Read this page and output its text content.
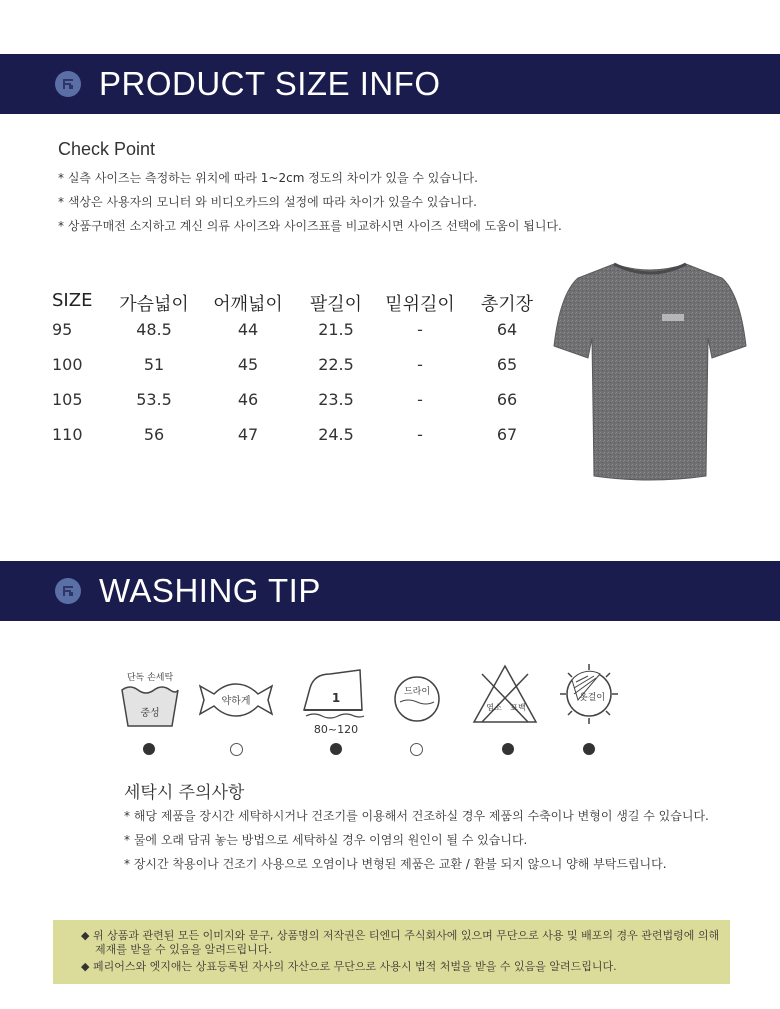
PRODUCT SIZE INFO
Check Point
* 실측 사이즈는 측정하는 위치에 따라 1~2cm 정도의 차이가 있을 수 있습니다.
* 색상은 사용자의 모니터 와 비디오카드의 설정에 따라 차이가 있을수 있습니다.
* 상품구매전 소지하고 계신 의류 사이즈와 사이즈표를 비교하시면 사이즈 선택에 도움이 됩니다.
SIZE 가슴넓이 어깨넓이	팔길이	밑위길이	총기장
95	48.5	44	21.5	-	64
100	51	45	22.5	-	65
105	53.5	46	23.5	-	66
110	56	47	24.5	-	67
WASHING TIP
단독 손세탁
중성
약하게	1
80~120
드라이
염소 표백
옷걸이
세탁시 주의사항
* 해당 제품을 장시간 세탁하시거나 건조기를 이용해서 건조하실 경우 제품의 수축이나 변형이 생길 수 있습니다.
* 물에 오래 담궈 놓는 방법으로 세탁하실 경우 이염의 원인이 될 수 있습니다.
* 장시간 착용이나 건조기 사용으로 오염이나 변형된 제품은 교환 / 환불 되지 않으니 양해 부탁드립니다.
◆ 위 상품과 관련된 모든 이미지와 문구, 상품명의 저작권은 티엔디 주식회사에 있으며 무단으로 사용 및 배포의 경우 관련법령에 의해
제재를 받을 수 있음을 알려드립니다.
◆ 페리어스와 엣지애는 상표등록된 자사의 자산으로 무단으로 사용시 법적 처벌을 받을 수 있음을 알려드립니다.
